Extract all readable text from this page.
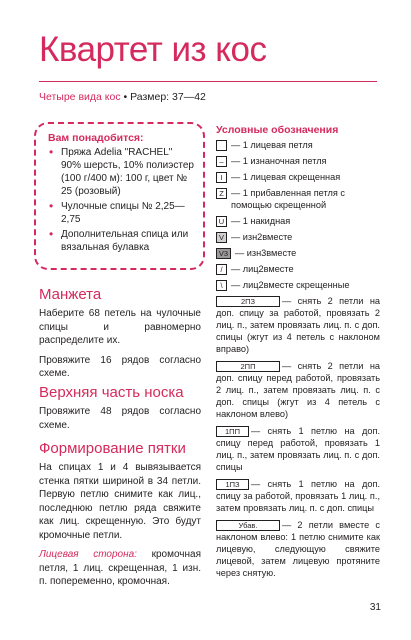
Квартет из кос
Четыре вида кос • Размер: 37—42
Вам понадобится:
• Пряжа Adelia "RACHEL" 90% шерсть, 10% полиэстер (100 г/400 м): 100 г, цвет № 25 (розовый)
• Чулочные спицы № 2,25—2,75
• Дополнительная спица или вязальная булавка
Манжета

Наберите 68 петель на чулочные спицы и равномерно распределите их.

Провяжите 16 рядов согласно схеме.

Верхняя часть носка

Провяжите 48 рядов согласно схеме.

Формирование пятки

На спицах 1 и 4 вывязывается стенка пятки шириной в 34 петли. Первую петлю снимите как лиц., последнюю петлю ряда свяжите как лиц. скрещенную. Это будут кромочные петли.

Лицевая сторона: кромочная петля, 1 лиц. скрещенная, 1 изн. п. попеременно, кромочная.

Условные обозначения
— 1 лицевая петля
– — 1 изнаночная петля
I — 1 лицевая скрещенная
Z — 1 прибавленная петля с помощью скрещенной
U — 1 накидная
V — изн2вместе
V3 — изн3вместе
/ — лиц2вместе
\ — лиц2вместе скрещенные
2ПЗ	— снять 2 петли на доп. спицу за работой, провязать 2 лиц. п., затем провязать лиц. п. с доп. спицы (жгут из 4 петель с наклоном вправо)
2ПП	— снять 2 петли на доп. спицу перед работой, провязать 2 лиц. п., затем провязать лиц. п. с доп. спицы (жгут из 4 петель с наклоном влево)
1ПП — снять 1 петлю на доп. спицу перед работой, провязать 1 лиц. п., затем провязать лиц. п. с доп. спицы
1ПЗ — снять 1 петлю на доп. спицу за работой, провязать 1 лиц. п., затем провязать лиц. п. с доп. спицы
Убав.	— 2 петли вместе с наклоном влево: 1 петлю снимите как лицевую, следующую свяжите лицевой, затем лицевую протяните через снятую.
31
